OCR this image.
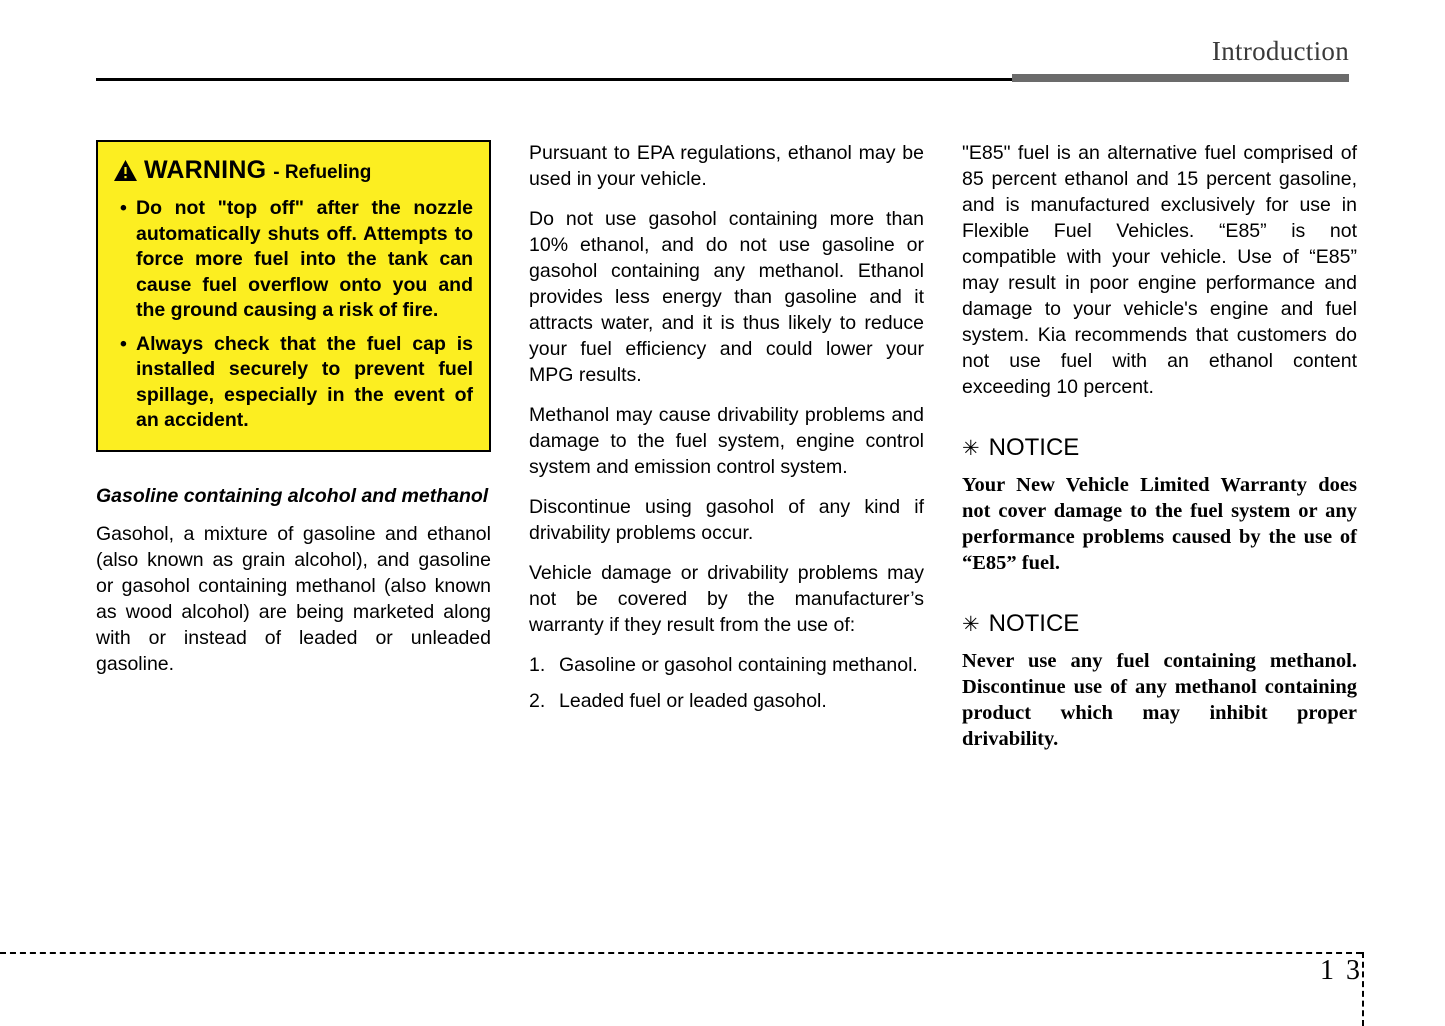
Introduction
WARNING - Refueling
• Do not "top off" after the nozzle automatically shuts off. Attempts to force more fuel into the tank can cause fuel overflow onto you and the ground causing a risk of fire.
• Always check that the fuel cap is installed securely to prevent fuel spillage, especially in the event of an accident.
Gasoline containing alcohol and methanol

Gasohol, a mixture of gasoline and ethanol (also known as grain alcohol), and gasoline or gasohol containing methanol (also known as wood alcohol) are being marketed along with or instead of leaded or unleaded gasoline.

Pursuant to EPA regulations, ethanol may be used in your vehicle.

Do not use gasohol containing more than 10% ethanol, and do not use gasoline or gasohol containing any methanol. Ethanol provides less energy than gasoline and it attracts water, and it is thus likely to reduce your fuel efficiency and could lower your MPG results.

Methanol may cause drivability problems and damage to the fuel system, engine control system and emission control system.

Discontinue using gasohol of any kind if drivability problems occur.

Vehicle damage or drivability problems may not be covered by the manufacturer’s warranty if they result from the use of:

1. Gasoline or gasohol containing methanol.
2. Leaded fuel or leaded gasohol.

"E85" fuel is an alternative fuel comprised of 85 percent ethanol and 15 percent gasoline, and is manufactured exclusively for use in Flexible Fuel Vehicles. “E85” is not compatible with your vehicle. Use of “E85” may result in poor engine performance and damage to your vehicle's engine and fuel system. Kia recommends that customers do not use fuel with an ethanol content exceeding 10 percent.

✳ NOTICE

Your New Vehicle Limited Warranty does not cover damage to the fuel system or any performance problems caused by the use of “E85” fuel.

✳ NOTICE

Never use any fuel containing methanol. Discontinue use of any methanol containing product which may inhibit proper drivability.

1 3
